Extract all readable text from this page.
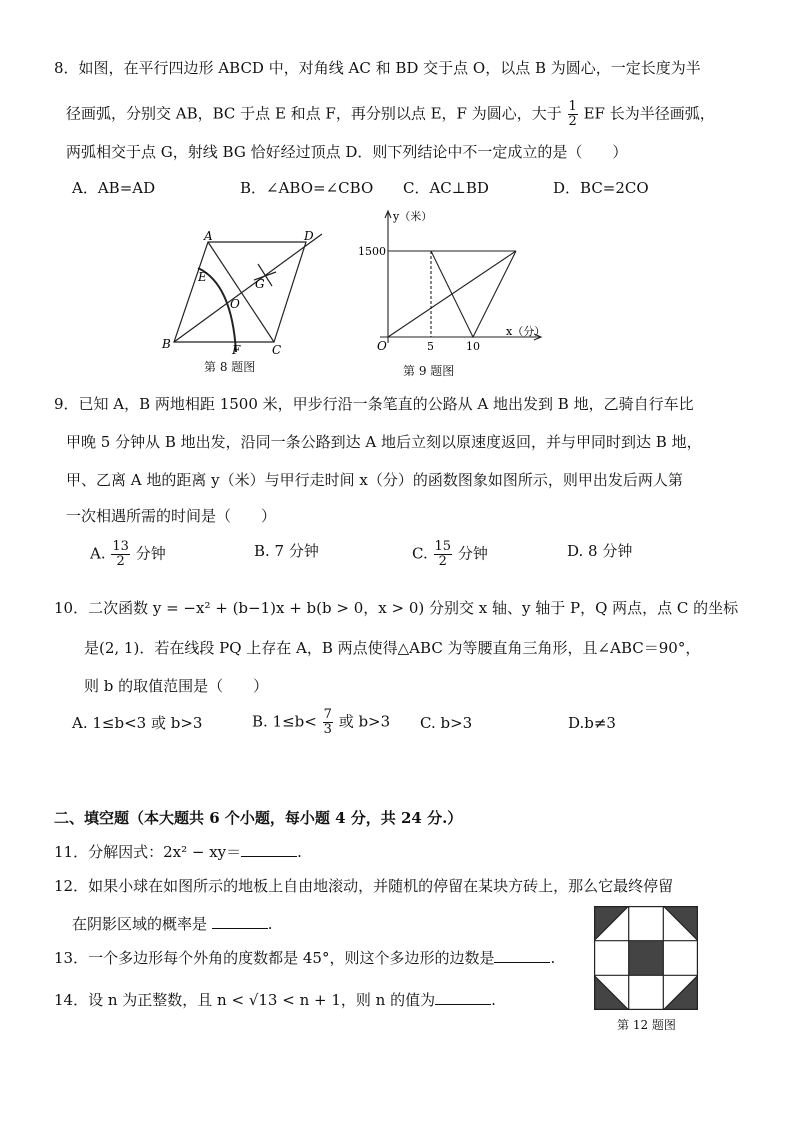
8．如图，在平行四边形 ABCD 中，对角线 AC 和 BD 交于点 O，以点 B 为圆心，一定长度为半
径画弧，分别交 AB，BC 于点 E 和点 F，再分别以点 E，F 为圆心，大于 $\frac{1}{2}$ EF 长为半径画弧，
两弧相交于点 G，射线 BG 恰好经过顶点 D．则下列结论中不一定成立的是（　　）
A．AB=AD	B．∠ABO=∠CBO C．AC⊥BD	D．BC=2CO
A	D
B	C
E
F
G
O
第 8 题图
y（米）
x（分）
1500
5	10
O
第 9 题图
9．已知 A，B 两地相距 1500 米，甲步行沿一条笔直的公路从 A 地出发到 B 地，乙骑自行车比
甲晚 5 分钟从 B 地出发，沿同一条公路到达 A 地后立刻以原速度返回，并与甲同时到达 B 地，
甲、乙离 A 地的距离 y（米）与甲行走时间 x（分）的函数图象如图所示，则甲出发后两人第
一次相遇所需的时间是（　　）
A. $\frac{13}{2}$ 分钟	B. 7 分钟	C. $\frac{15}{2}$ 分钟	D. 8 分钟
10．二次函数 y = −x² + (b−1)x + b(b > 0，x > 0) 分别交 x 轴、y 轴于 P，Q 两点，点 C 的坐标
是(2, 1)．若在线段 PQ 上存在 A，B 两点使得△ABC 为等腰直角三角形，且∠ABC＝90°，
则 b 的取值范围是（　　）
A. 1≤b<3 或 b>3	B. $1\le b< \frac{7}{3}$ 或 b>3 C. b>3	D.b≠3
二、填空题（本大题共 6 个小题，每小题 4 分，共 24 分.）
11．分解因式：2x² − xy＝	.
12．如果小球在如图所示的地板上自由地滚动，并随机的停留在某块方砖上，那么它最终停留
在阴影区域的概率是	.
13．一个多边形每个外角的度数都是 45°，则这个多边形的边数是	.
14．设 n 为正整数，且 n < √13 < n + 1，则 n 的值为	.
第 12 题图
